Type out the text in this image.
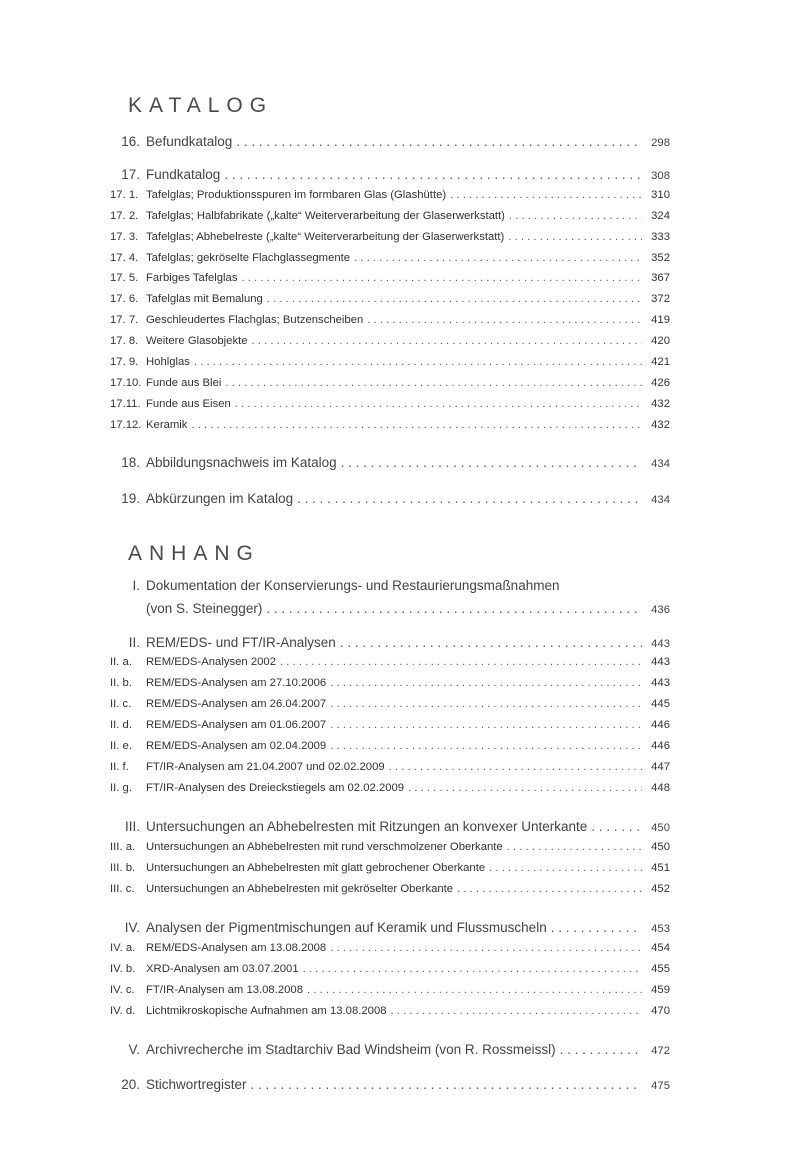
KATALOG
16. Befundkatalog . . .	298
17. Fundkatalog . . .	308
17. 1. Tafelglas; Produktionsspuren im formbaren Glas (Glashütte) . . .	310
17. 2. Tafelglas; Halbfabrikate („kalte“ Weiterverarbeitung der Glaserwerkstatt) . . .	324
17. 3. Tafelglas; Abhebelreste („kalte“ Weiterverarbeitung der Glaserwerkstatt) . . .	333
17. 4. Tafelglas; gekröselte Flachglassegmente . . .	352
17. 5. Farbiges Tafelglas . . .	367
17. 6. Tafelglas mit Bemalung . . .	372
17. 7. Geschleudertes Flachglas; Butzenscheiben . . .	419
17. 8. Weitere Glasobjekte . . .	420
17. 9. Hohlglas . . .	421
17.10. Funde aus Blei . . .	426
17.11. Funde aus Eisen . . .	432
17.12. Keramik . . .	432
18. Abbildungsnachweis im Katalog . . .	434
19. Abkürzungen im Katalog . . .	434
ANHANG
I. Dokumentation der Konservierungs- und Restaurierungsmaßnahmen
(von S. Steinegger) . . .	436
II. REM/EDS- und FT/IR-Analysen . . .	443
II. a.	REM/EDS-Analysen 2002 . . .	443
II. b.	REM/EDS-Analysen am 27.10.2006 . . .	443
II. c.	REM/EDS-Analysen am 26.04.2007 . . .	445
II. d.	REM/EDS-Analysen am 01.06.2007 . . .	446
II. e.	REM/EDS-Analysen am 02.04.2009 . . .	446
II. f.	FT/IR-Analysen am 21.04.2007 und 02.02.2009 . . .	447
II. g.	FT/IR-Analysen des Dreieckstiegels am 02.02.2009 . . .	448
III. Untersuchungen an Abhebelresten mit Ritzungen an konvexer Unterkante . . .	450
III. a. Untersuchungen an Abhebelresten mit rund verschmolzener Oberkante . . .	450
III. b. Untersuchungen an Abhebelresten mit glatt gebrochener Oberkante . . .	451
III. c.	Untersuchungen an Abhebelresten mit gekröselter Oberkante . . .	452
IV. Analysen der Pigmentmischungen auf Keramik und Flussmuscheln . . .	453
IV. a. REM/EDS-Analysen am 13.08.2008 . . .	454
IV. b. XRD-Analysen am 03.07.2001 . . .	455
IV. c. FT/IR-Analysen am 13.08.2008 . . .	459
IV. d. Lichtmikroskopische Aufnahmen am 13.08.2008 . . .	470
V. Archivrecherche im Stadtarchiv Bad Windsheim (von R. Rossmeissl) . . .	472
20. Stichwortregister . . .	475
